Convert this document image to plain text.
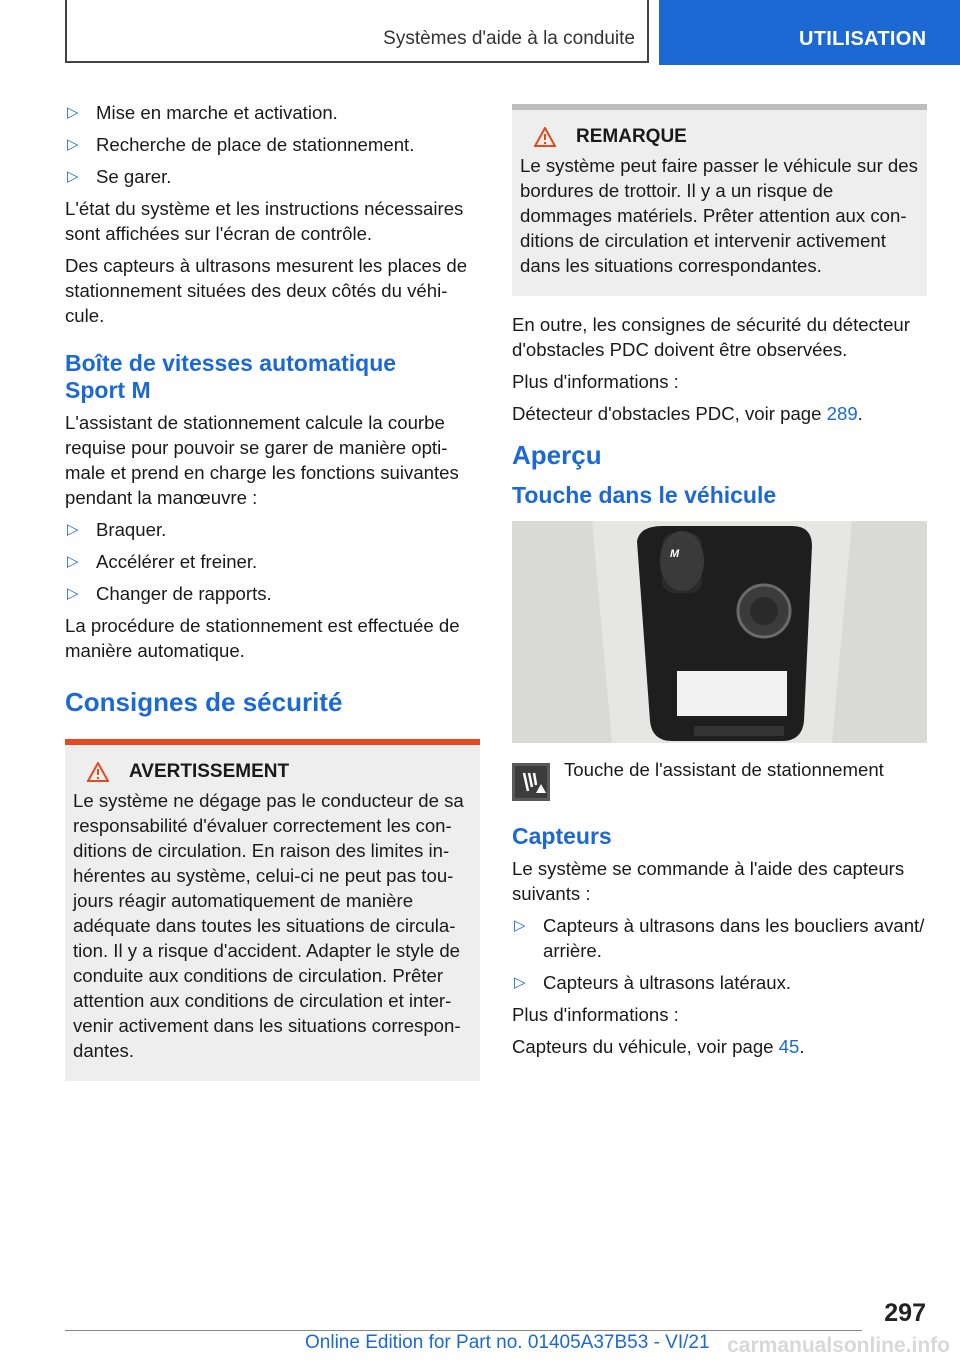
Systèmes d'aide à la conduite	UTILISATION
▷ Mise en marche et activation.
▷ Recherche de place de stationnement.
▷ Se garer.

L'état du système et les instructions nécessaires sont affichées sur l'écran de contrôle.

Des capteurs à ultrasons mesurent les places de stationnement situées des deux côtés du véhicule.

Boîte de vitesses automatique
Sport M

L'assistant de stationnement calcule la courbe requise pour pouvoir se garer de manière optimale et prend en charge les fonctions suivantes pendant la manœuvre :

▷ Braquer.
▷ Accélérer et freiner.
▷ Changer de rapports.

La procédure de stationnement est effectuée de manière automatique.

Consignes de sécurité
AVERTISSEMENT
Le système ne dégage pas le conducteur de sa responsabilité d'évaluer correctement les conditions de circulation. En raison des limites inhérentes au système, celui-ci ne peut pas toujours réagir automatiquement de manière adéquate dans toutes les situations de circulation. Il y a risque d'accident. Adapter le style de conduite aux conditions de circulation. Prêter attention aux conditions de circulation et intervenir activement dans les situations correspondantes.
REMARQUE
Le système peut faire passer le véhicule sur des bordures de trottoir. Il y a un risque de dommages matériels. Prêter attention aux conditions de circulation et intervenir activement dans les situations correspondantes.

En outre, les consignes de sécurité du détecteur d'obstacles PDC doivent être observées.

Plus d'informations :

Détecteur d'obstacles PDC, voir page 289.

Aperçu
Touche dans le véhicule
M
Touche de l'assistant de stationnement
Capteurs

Le système se commande à l'aide des capteurs suivants :

▷ Capteurs à ultrasons dans les boucliers avant/ arrière.
▷ Capteurs à ultrasons latéraux.

Plus d'informations :

Capteurs du véhicule, voir page 45.

297
Online Edition for Part no. 01405A37B53 - VI/21 carmanualsonline.info
